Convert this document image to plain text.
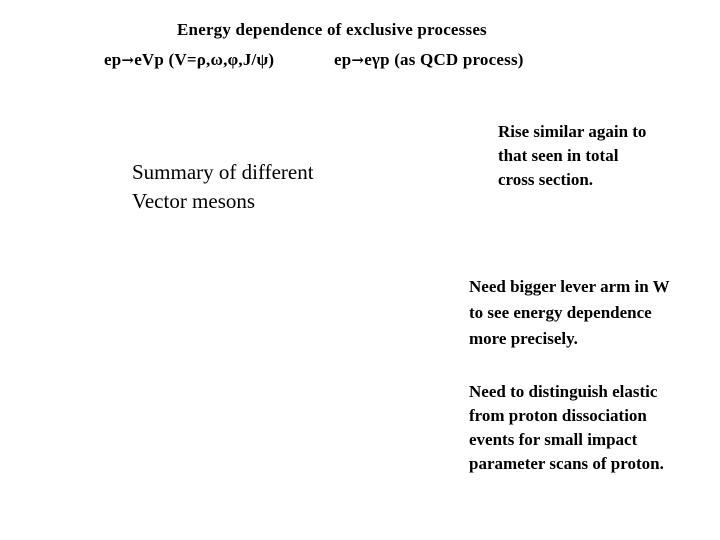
Energy dependence of exclusive processes
ep→eVp (V=ρ,ω,φ,J/ψ)	ep→eγp (as QCD process)
Summary of different
Vector mesons
Rise similar again to
that seen in total
cross section.
Need bigger lever arm in W
to see energy dependence
more precisely.
Need to distinguish elastic
from proton dissociation
events for small impact
parameter scans of proton.
